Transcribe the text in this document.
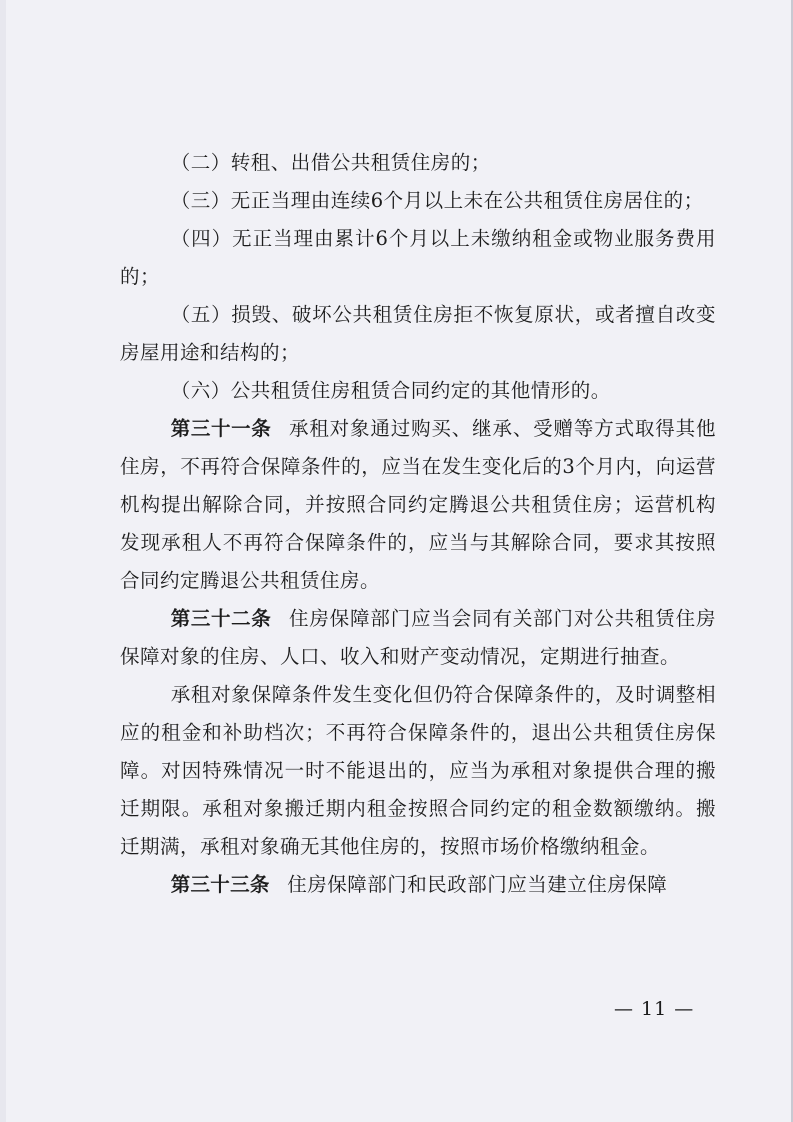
（二）转租、出借公共租赁住房的；

（三）无正当理由连续6个月以上未在公共租赁住房居住的；

（四）无正当理由累计6个月以上未缴纳租金或物业服务费用的；

（五）损毁、破坏公共租赁住房拒不恢复原状，或者擅自改变房屋用途和结构的；

（六）公共租赁住房租赁合同约定的其他情形的。

第三十一条 承租对象通过购买、继承、受赠等方式取得其他住房，不再符合保障条件的，应当在发生变化后的3个月内，向运营机构提出解除合同，并按照合同约定腾退公共租赁住房；运营机构发现承租人不再符合保障条件的，应当与其解除合同，要求其按照合同约定腾退公共租赁住房。

第三十二条 住房保障部门应当会同有关部门对公共租赁住房保障对象的住房、人口、收入和财产变动情况，定期进行抽查。

承租对象保障条件发生变化但仍符合保障条件的，及时调整相应的租金和补助档次；不再符合保障条件的，退出公共租赁住房保障。对因特殊情况一时不能退出的，应当为承租对象提供合理的搬迁期限。承租对象搬迁期内租金按照合同约定的租金数额缴纳。搬迁期满，承租对象确无其他住房的，按照市场价格缴纳租金。

第三十三条 住房保障部门和民政部门应当建立住房保障

— 11 —
